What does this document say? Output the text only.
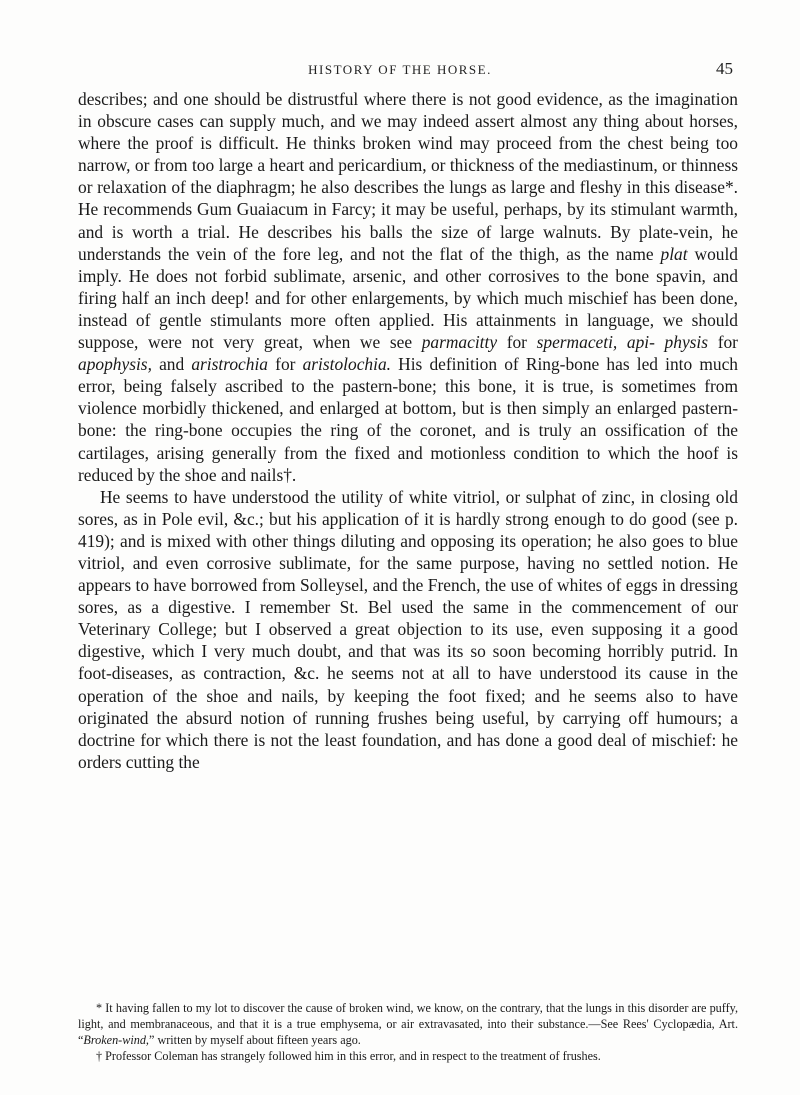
HISTORY OF THE HORSE.	45

describes; and one should be distrustful where there is not good evidence, as the imagination in obscure cases can supply much, and we may indeed assert almost any thing about horses, where the proof is difficult. He thinks broken wind may proceed from the chest being too narrow, or from too large a heart and pericardium, or thickness of the mediastinum, or thinness or relaxation of the diaphragm; he also describes the lungs as large and fleshy in this disease*. He recommends Gum Guaiacum in Farcy; it may be useful, perhaps, by its stimulant warmth, and is worth a trial. He describes his balls the size of large walnuts. By plate-vein, he understands the vein of the fore leg, and not the flat of the thigh, as the name plat would imply. He does not forbid sublimate, arsenic, and other corrosives to the bone spavin, and firing half an inch deep! and for other enlargements, by which much mischief has been done, instead of gentle stimulants more often applied. His attainments in language, we should suppose, were not very great, when we see parmacitty for spermaceti, api- physis for apophysis, and aristrochia for aristolochia. His definition of Ring-bone has led into much error, being falsely ascribed to the pastern-bone; this bone, it is true, is sometimes from violence morbidly thickened, and enlarged at bottom, but is then simply an enlarged pastern-bone: the ring-bone occupies the ring of the coronet, and is truly an ossification of the cartilages, arising generally from the fixed and motionless condition to which the hoof is reduced by the shoe and nails†.

He seems to have understood the utility of white vitriol, or sulphat of zinc, in closing old sores, as in Pole evil, &c.; but his application of it is hardly strong enough to do good (see p. 419); and is mixed with other things diluting and opposing its operation; he also goes to blue vitriol, and even corrosive sublimate, for the same purpose, having no settled notion. He appears to have borrowed from Solleysel, and the French, the use of whites of eggs in dressing sores, as a digestive. I remember St. Bel used the same in the commencement of our Veterinary College; but I observed a great objection to its use, even supposing it a good digestive, which I very much doubt, and that was its so soon becoming horribly putrid. In foot-diseases, as contraction, &c. he seems not at all to have understood its cause in the operation of the shoe and nails, by keeping the foot fixed; and he seems also to have originated the absurd notion of running frushes being useful, by carrying off humours; a doctrine for which there is not the least foundation, and has done a good deal of mischief: he orders cutting the

* It having fallen to my lot to discover the cause of broken wind, we know, on the contrary, that the lungs in this disorder are puffy, light, and membranaceous, and that it is a true emphysema, or air extravasated, into their substance.—See Rees' Cyclopædia, Art. “Broken-wind,” written by myself about fifteen years ago.

† Professor Coleman has strangely followed him in this error, and in respect to the treatment of frushes.
